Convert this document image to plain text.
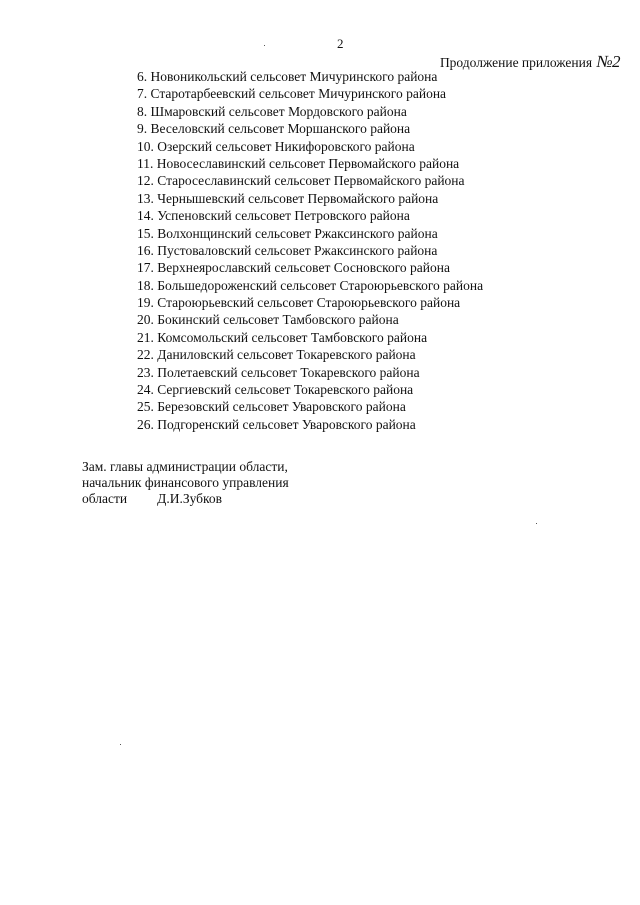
2
Продолжение приложения №2
6. Новоникольский сельсовет Мичуринского района
7. Старотарбеевский сельсовет Мичуринского района
8. Шмаровский сельсовет Мордовского района
9. Веселовский сельсовет Моршанского района
10. Озерский сельсовет Никифоровского района
11. Новосеславинский сельсовет Первомайского района
12. Старосеславинский сельсовет Первомайского района
13. Чернышевский сельсовет Первомайского района
14. Успеновский сельсовет Петровского района
15. Волхонщинский сельсовет Ржаксинского района
16. Пустоваловский сельсовет Ржаксинского района
17. Верхнеярославский сельсовет Сосновского района
18. Большедороженский сельсовет Староюрьевского района
19. Староюрьевский сельсовет Староюрьевского района
20. Бокинский сельсовет Тамбовского района
21. Комсомольский сельсовет Тамбовского района
22. Даниловский сельсовет Токаревского района
23. Полетаевский сельсовет Токаревского района
24. Сергиевский сельсовет Токаревского района
25. Березовский сельсовет Уваровского района
26. Подгоренский сельсовет Уваровского района
Зам. главы администрации области,
начальник финансового управления
области Д.И.Зубков
